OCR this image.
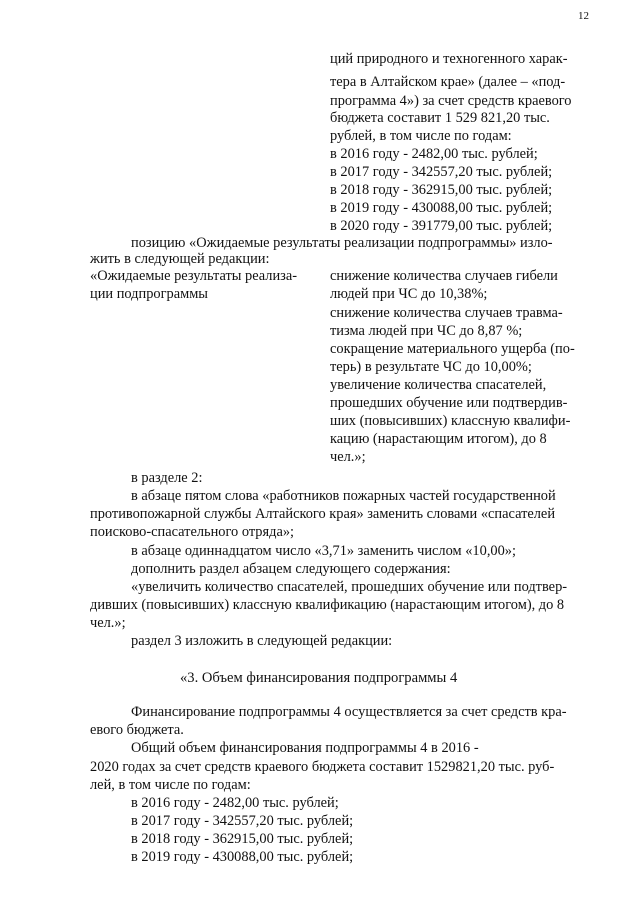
12
ций природного и техногенного харак-
тера в Алтайском крае» (далее – «под-
программа 4») за счет средств краевого
бюджета составит 1 529 821,20 тыс.
рублей, в том числе по годам:
в 2016 году - 2482,00 тыс. рублей;
в 2017 году - 342557,20 тыс. рублей;
в 2018 году - 362915,00 тыс. рублей;
в 2019 году - 430088,00 тыс. рублей;
в 2020 году - 391779,00 тыс. рублей;
позицию «Ожидаемые результаты реализации подпрограммы» изло-
жить в следующей редакции:
«Ожидаемые результаты реализа-
ции подпрограммы
снижение количества случаев гибели
людей при ЧС до 10,38%;
снижение количества случаев травма-
тизма людей при ЧС до 8,87 %;
сокращение материального ущерба (по-
терь) в результате ЧС до 10,00%;
увеличение количества спасателей,
прошедших обучение или подтвердив-
ших (повысивших) классную квалифи-
кацию (нарастающим итогом), до 8
чел.»;
в разделе 2:
в абзаце пятом слова «работников пожарных частей государственной
противопожарной службы Алтайского края» заменить словами «спасателей
поисково-спасательного отряда»;
в абзаце одиннадцатом число «3,71» заменить числом «10,00»;
дополнить раздел абзацем следующего содержания:
«увеличить количество спасателей, прошедших обучение или подтвер-
дивших (повысивших) классную квалификацию (нарастающим итогом), до 8
чел.»;
раздел 3 изложить в следующей редакции:
«3. Объем финансирования подпрограммы 4
Финансирование подпрограммы 4 осуществляется за счет средств кра-
евого бюджета.
Общий объем финансирования подпрограммы 4 в 2016 -
2020 годах за счет средств краевого бюджета составит 1529821,20 тыс. руб-
лей, в том числе по годам:
в 2016 году - 2482,00 тыс. рублей;
в 2017 году - 342557,20 тыс. рублей;
в 2018 году - 362915,00 тыс. рублей;
в 2019 году - 430088,00 тыс. рублей;
